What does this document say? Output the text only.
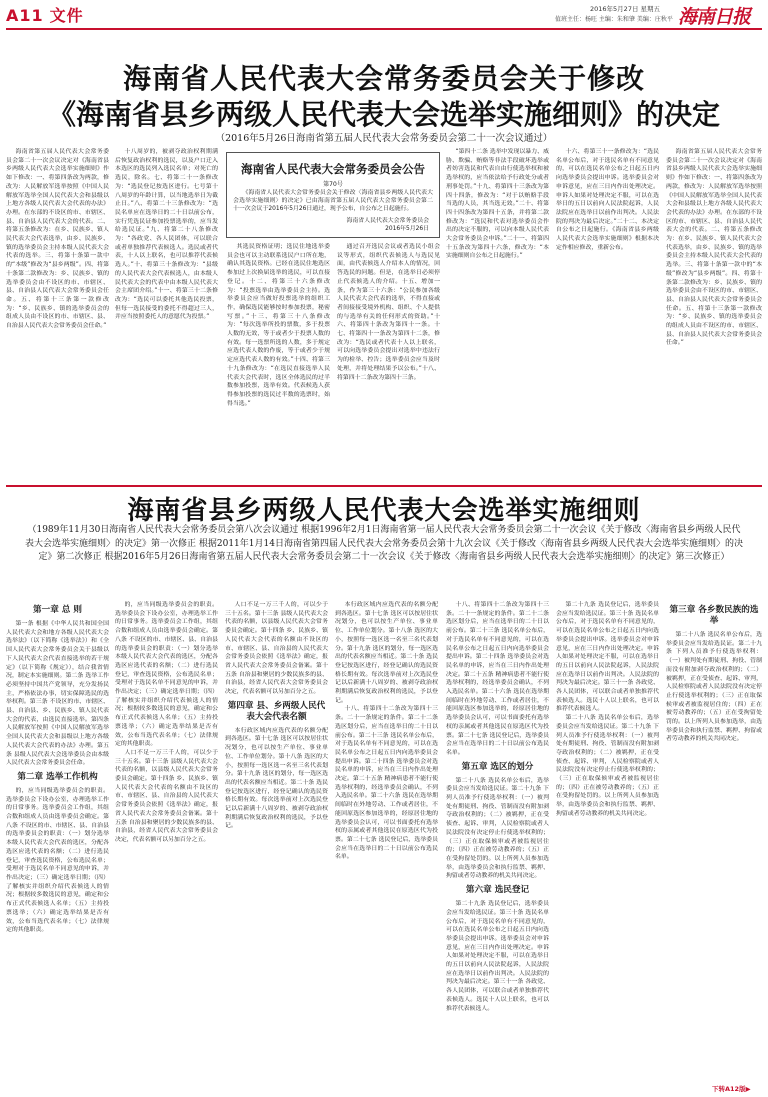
A11 文件	2016年5月27日 星期五
值班主任：杨旺 主编：朱和肇 美编：庄秋平 海南日报
海南省人民代表大会常务委员会关于修改
《海南省县乡两级人民代表大会选举实施细则》的决定
（2016年5月26日海南省第五届人民代表大会常务委员会第二十一次会议通过）

海南省第五届人民代表大会常务委员会第二十一次会议决定对《海南省县乡两级人民代表大会选举实施细则》作如下修改：一、将第四条改为两款，修改为：人民解放军选举按照《中国人民解放军选举全国人民代表大会和县级以上地方各级人民代表大会代表的办法》办理。在东部的不设区的市、市辖区、县、自治县人民代表大会的代表。二、将第五条修改为：在乡、民族乡、镇人民代表大会代表选举，由乡、民族乡、镇的选举委员会主持本级人民代表大会代表的选举。三、将第十条第一款中的“本级”修改为“县乡两级”。四、将第十条第二款修改为：乡、民族乡、镇的选举委员会由不设区的市、市辖区、县、自治县人民代表大会常务委员会任命。五、将第十三条第一款修改为：“乡、民族乡、镇的选举委员会的组成人员由不设区的市、市辖区、县、自治县人民代表大会常务委员会任命。”

十八周岁的，被剥夺政治权利期满后恢复政治权利的选民，以及户口迁入本选区的选民列入选民名单；对死亡的选民，除名。七、将第二十一条修改为：“选民登记按选区进行。七号第十八周岁的年龄计算，以当地选举日为截止日。”八、将第二十三条修改为：“选民名单应在选举日的二十日以前公布，实行凭选民证参加投票选举的，应当发给选民证。”九、将第二十八条修改为：“各政党、各人民团体，可以联合或者单独推荐代表候选人。选民或者代表，十人以上联名，也可以推荐代表候选人。”十、将第三十条修改为：“县级的人民代表大会代表候选人，由本级人民代表大会的代表中由本级人民代表大会主席团介绍。”十一、将第三十二条修改为：“选民可以委托其他选民投票，但每一选民接受的委托不得超过三人，并应当按照委托人的意愿代为投票。”

其选民资格证明；选民住地选举委员会也可以主动联系选民户口所在地，确认其选民资格。已经在选民住地选区参加过上次换届选举的选民，可以直接登记。十二、将第三十六条修改为：“投票选举由选举委员会主持。选举委员会应当做好投票选举的组织工作，确保选民能够按时参加投票，秘密写票。”十三、将第三十八条修改为：“每次选举所投的票数，多于投票人数的无效，等于或者少于投票人数的有效。每一选票所选的人数，多于规定应选代表人数的作废，等于或者少于规定应选代表人数的有效。”十四、将第三十九条修改为：“在选民直接选举人民代表大会代表时，选区全体选民的过半数参加投票，选举有效。代表候选人获得参加投票的选民过半数的选票时，始得当选。”

通过召开选民会议或者选民小组会议等形式，组织代表候选人与选民见面，由代表候选人介绍本人的情况，回答选民的问题。但是，在选举日必须停止代表候选人的介绍。十五、增加一条，作为第三十六条：“公民参加各级人民代表大会代表的选举，不得直接或者间接接受境外机构、组织、个人提供的与选举有关的任何形式的资助。”十六、将第四十条改为第四十一条。十七、将第四十一条改为第四十二条，修改为：“选民或者代表十人以上联名，可以向选举委员会提出对选举中违法行为的检举、控告；选举委员会应当及时处理，并将处理结果予以公布。”十八、将第四十二条改为第四十三条。

“第四十二条 选举中发现以暴力、威胁、欺骗、贿赂等非法手段破坏选举或者妨害选民和代表自由行使选举权和被选举权的，应当依法给予行政处分或者刑事处罚。”十九、将第四十三条改为第四十四条，修改为：“对于以贿赂手段当选的人员，其当选无效。”二十、将第四十四条改为第四十五条，并将第二款修改为：“选民和代表对选举委员会作出的决定不服的，可以向本级人民代表大会常务委员会申诉。”二十一、将第四十五条改为第四十六条，修改为：“本实施细则自公布之日起施行。”

十六、将第三十一条修改为：“选民名单公布后，对于选民名单有不同意见的，可以在选民名单公布之日起五日内向选举委员会提出申诉。选举委员会对申诉意见，应在三日内作出处理决定。申诉人如果对处理决定不服，可以在选举日的五日以前向人民法院起诉，人民法院应在选举日以前作出判决。人民法院的判决为最后决定。”二十二、本决定自公布之日起施行。《海南省县乡两级人民代表大会选举实施细则》根据本决定作相应修改，重新公布。

海南省第五届人民代表大会常务委员会第二十一次会议决定对《海南省县乡两级人民代表大会选举实施细则》作如下修改：一、将第四条改为两款，修改为：人民解放军选举按照《中国人民解放军选举全国人民代表大会和县级以上地方各级人民代表大会代表的办法》办理。在东部的不设区的市、市辖区、县、自治县人民代表大会的代表。二、将第五条修改为：在乡、民族乡、镇人民代表大会代表选举，由乡、民族乡、镇的选举委员会主持本级人民代表大会代表的选举。三、将第十条第一款中的“本级”修改为“县乡两级”。四、将第十条第二款修改为：乡、民族乡、镇的选举委员会由不设区的市、市辖区、县、自治县人民代表大会常务委员会任命。五、将第十三条第一款修改为：“乡、民族乡、镇的选举委员会的组成人员由不设区的市、市辖区、县、自治县人民代表大会常务委员会任命。”

海南省人民代表大会常务委员会公告
第70号
《海南省人民代表大会常务委员会关于修改〈海南省县乡两级人民代表大会选举实施细则〉的决定》已由海南省第五届人民代表大会常务委员会第二十一次会议于2016年5月26日通过，现予公布，自公布之日起施行。
海南省人民代表大会常务委员会
2016年5月26日
海南省县乡两级人民代表大会选举实施细则
（1989年11月30日海南省人民代表大会常务委员会第八次会议通过 根据1996年2月1日海南省第一届人民代表大会常务委员会第二十一次会议《关于修改〈海南省县乡两级人民代表大会选举实施细则〉的决定》第一次修正 根据2011年1月14日海南省第四届人民代表大会常务委员会第十九次会议《关于修改〈海南省县乡两级人民代表大会选举实施细则〉的决定》第二次修正 根据2016年5月26日海南省第五届人民代表大会常务委员会第二十一次会议《关于修改〈海南省县乡两级人民代表大会选举实施细则〉的决定》第三次修正）
第一章 总 则

第一条 根据《中华人民共和国全国人民代表大会和地方各级人民代表大会选举法》（以下简称《选举法》）和《全国人民代表大会常务委员会关于县级以下人民代表大会代表直接选举的若干规定》（以下简称《规定》），结合我省情况，制定本实施细则。第二条 选举工作必须坚持中国共产党领导，充分发扬民主，严格依法办事，切实保障选民的选举权利。第三条 不设区的市、市辖区、县、自治县、乡、民族乡、镇人民代表大会的代表，由选民直接选举。第四条 人民解放军按照《中国人民解放军选举全国人民代表大会和县级以上地方各级人民代表大会代表的办法》办理。第五条 县级人民代表大会选举委员会由本级人民代表大会常务委员会任命。

第二章 选举工作机构

的，应当同级选举委员会的职责。选举委员会下设办公室，办理选举工作的日常事务。选举委员会工作组，其组合数和组成人员由选举委员会确定。第八条 不设区的市、市辖区、县、自治县的选举委员会的职责：（一）划分选举本级人民代表大会代表的选区，分配各选区应选代表的名额；（二）进行选民登记，审查选民资格，公布选民名单；受理对于选民名单不同意见的申诉，并作出决定；（三）确定选举日期；（四）了解核实并组织介绍代表候选人的情况；根据较多数选民的意见，确定和公布正式代表候选人名单；（五）主持投票选举；（六）确定选举结果是否有效，公布当选代表名单；（七）法律规定的其他职责。

的，应当同级选举委员会的职责。选举委员会下设办公室，办理选举工作的日常事务。选举委员会工作组，其组合数和组成人员由选举委员会确定。第八条 不设区的市、市辖区、县、自治县的选举委员会的职责：（一）划分选举本级人民代表大会代表的选区，分配各选区应选代表的名额；（二）进行选民登记，审查选民资格，公布选民名单；受理对于选民名单不同意见的申诉，并作出决定；（三）确定选举日期；（四）了解核实并组织介绍代表候选人的情况；根据较多数选民的意见，确定和公布正式代表候选人名单；（五）主持投票选举；（六）确定选举结果是否有效，公布当选代表名单；（七）法律规定的其他职责。

人口不足一万三千人的，可以少于三十五名。第十三条 县级人民代表大会代表的名额，以县级人民代表大会常务委员会确定。第十四条 乡、民族乡、镇人民代表大会代表的名额由不设区的市、市辖区、县、自治县的人民代表大会常务委员会依照《选举法》确定，报省人民代表大会常务委员会备案。第十五条 自治县和聚居的少数民族多的县、自治县，经省人民代表大会常务委员会决定，代表名额可以另加百分之五。

人口不足一万三千人的，可以少于三十五名。第十三条 县级人民代表大会代表的名额，以县级人民代表大会常务委员会确定。第十四条 乡、民族乡、镇人民代表大会代表的名额由不设区的市、市辖区、县、自治县的人民代表大会常务委员会依照《选举法》确定，报省人民代表大会常务委员会备案。第十五条 自治县和聚居的少数民族多的县、自治县，经省人民代表大会常务委员会决定，代表名额可以另加百分之五。

第四章 县、乡两级人民代表大会代表名额

本行政区域内应选代表的名额分配到各选区。第十七条 选区可以按居住状况划分，也可以按生产单位、事业单位、工作单位划分。第十八条 选区的大小，按照每一选区选一名至三名代表划分。第十九条 选区的划分，每一选区选出的代表名额应当相近。第二十条 选民登记按选区进行，经登记确认的选民资格长期有效。每次选举前对上次选民登记以后新满十八周岁的、被剥夺政治权利期满后恢复政治权利的选民，予以登记。

本行政区域内应选代表的名额分配到各选区。第十七条 选区可以按居住状况划分，也可以按生产单位、事业单位、工作单位划分。第十八条 选区的大小，按照每一选区选一名至三名代表划分。第十九条 选区的划分，每一选区选出的代表名额应当相近。第二十条 选民登记按选区进行，经登记确认的选民资格长期有效。每次选举前对上次选民登记以后新满十八周岁的、被剥夺政治权利期满后恢复政治权利的选民，予以登记。

十八、将第四十二条改为第四十三条。二十一条规定的条件。第二十二条 选区划分后，应当在选举日的二十日以前公布。第二十三条 选民名单公布后，对于选民名单有不同意见的，可以在选民名单公布之日起五日内向选举委员会提出申诉。第二十四条 选举委员会对选民名单的申诉，应当在三日内作出处理决定。第二十五条 精神病患者不能行使选举权利的，经选举委员会确认，不列入选民名单。第二十六条 选民在选举期间临时在外地劳动、工作或者居住，不能回原选区参加选举的，经原居住地的选举委员会认可，可以书面委托有选举权的亲属或者其他选民在原选区代为投票。第二十七条 选民登记后，选举委员会应当在选举日的二十日以前公布选民名单。

十八、将第四十二条改为第四十三条。二十一条规定的条件。第二十二条 选区划分后，应当在选举日的二十日以前公布。第二十三条 选民名单公布后，对于选民名单有不同意见的，可以在选民名单公布之日起五日内向选举委员会提出申诉。第二十四条 选举委员会对选民名单的申诉，应当在三日内作出处理决定。第二十五条 精神病患者不能行使选举权利的，经选举委员会确认，不列入选民名单。第二十六条 选民在选举期间临时在外地劳动、工作或者居住，不能回原选区参加选举的，经原居住地的选举委员会认可，可以书面委托有选举权的亲属或者其他选民在原选区代为投票。第二十七条 选民登记后，选举委员会应当在选举日的二十日以前公布选民名单。

第五章 选区的划分

第二十八条 选民名单公布后，选举委员会应当发给选民证。第二十九条 下列人员准予行使选举权利：（一）被判处有期徒刑、拘役、管制而没有附加剥夺政治权利的；（二）被羁押，正在受侦查、起诉、审判，人民检察院或者人民法院没有决定停止行使选举权利的；（三）正在取保候审或者被监视居住的；（四）正在被劳动教养的；（五）正在受拘留处罚的。以上所列人员参加选举，由选举委员会和执行监禁、羁押、拘留或者劳动教养的机关共同决定。

第六章 选民登记

第二十九条 选民登记后，选举委员会应当发给选民证。第三十条 选民名单公布后，对于选民名单有不同意见的，可以在选民名单公布之日起五日内向选举委员会提出申诉。选举委员会对申诉意见，应在三日内作出处理决定。申诉人如果对处理决定不服，可以在选举日的五日以前向人民法院起诉，人民法院应在选举日以前作出判决。人民法院的判决为最后决定。第三十一条 各政党、各人民团体，可以联合或者单独推荐代表候选人。选民十人以上联名，也可以推荐代表候选人。

第二十九条 选民登记后，选举委员会应当发给选民证。第三十条 选民名单公布后，对于选民名单有不同意见的，可以在选民名单公布之日起五日内向选举委员会提出申诉。选举委员会对申诉意见，应在三日内作出处理决定。申诉人如果对处理决定不服，可以在选举日的五日以前向人民法院起诉，人民法院应在选举日以前作出判决。人民法院的判决为最后决定。第三十一条 各政党、各人民团体，可以联合或者单独推荐代表候选人。选民十人以上联名，也可以推荐代表候选人。

第二十八条 选民名单公布后，选举委员会应当发给选民证。第二十九条 下列人员准予行使选举权利：（一）被判处有期徒刑、拘役、管制而没有附加剥夺政治权利的；（二）被羁押，正在受侦查、起诉、审判，人民检察院或者人民法院没有决定停止行使选举权利的；（三）正在取保候审或者被监视居住的；（四）正在被劳动教养的；（五）正在受拘留处罚的。以上所列人员参加选举，由选举委员会和执行监禁、羁押、拘留或者劳动教养的机关共同决定。

第三章 各乡数民族的选举

第二十八条 选民名单公布后，选举委员会应当发给选民证。第二十九条 下列人员准予行使选举权利：（一）被判处有期徒刑、拘役、管制而没有附加剥夺政治权利的；（二）被羁押，正在受侦查、起诉、审判，人民检察院或者人民法院没有决定停止行使选举权利的；（三）正在取保候审或者被监视居住的；（四）正在被劳动教养的；（五）正在受拘留处罚的。以上所列人员参加选举，由选举委员会和执行监禁、羁押、拘留或者劳动教养的机关共同决定。

下转A12版▶
